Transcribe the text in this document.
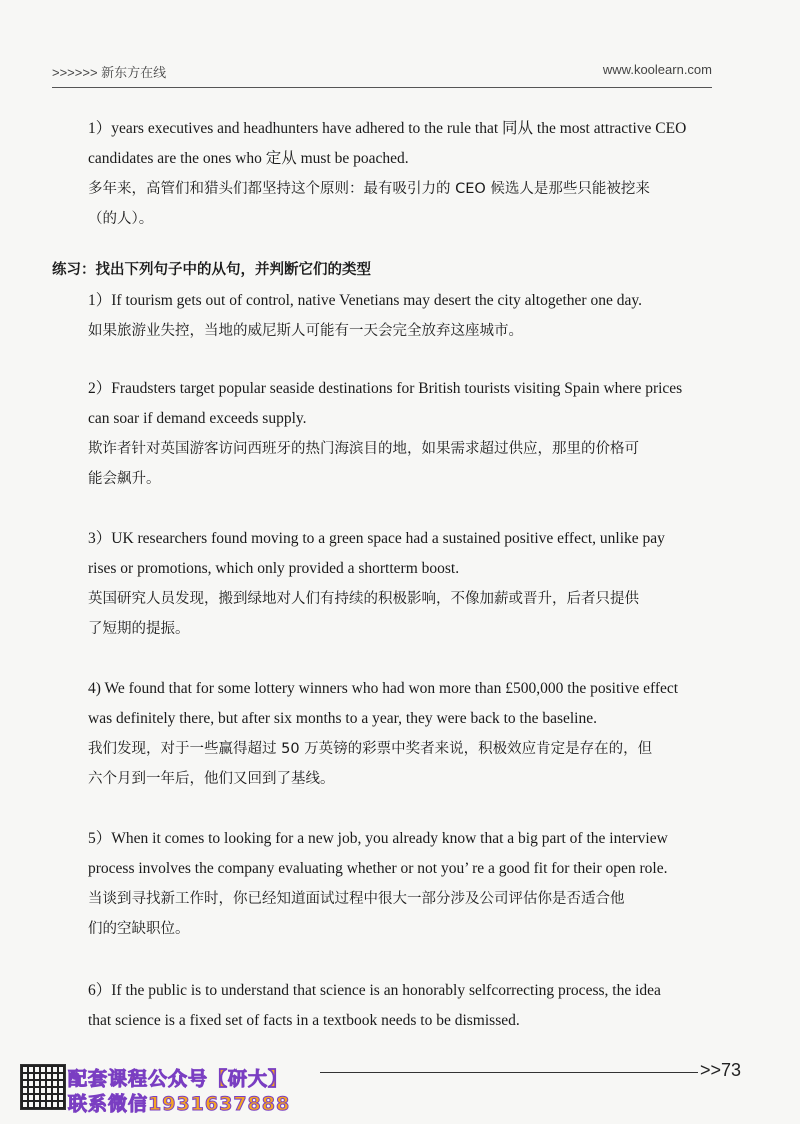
>>>>>> 新东方在线	www.koolearn.com

1）years executives and headhunters have adhered to the rule that 同从 the most attractive CEO

candidates are the ones who 定从 must be poached.

多年来，高管们和猎头们都坚持这个原则：最有吸引力的 CEO 候选人是那些只能被挖来

（的人）。

练习：找出下列句子中的从句，并判断它们的类型

1）If tourism gets out of control, native Venetians may desert the city altogether one day.

如果旅游业失控，当地的威尼斯人可能有一天会完全放弃这座城市。

2）Fraudsters target popular seaside destinations for British tourists visiting Spain where prices

can soar if demand exceeds supply.

欺诈者针对英国游客访问西班牙的热门海滨目的地，如果需求超过供应，那里的价格可

能会飙升。

3）UK researchers found moving to a green space had a sustained positive effect, unlike pay

rises or promotions, which only provided a shortterm boost.

英国研究人员发现，搬到绿地对人们有持续的积极影响，不像加薪或晋升，后者只提供

了短期的提振。

4) We found that for some lottery winners who had won more than £500,000 the positive effect

was definitely there, but after six months to a year, they were back to the baseline.

我们发现，对于一些赢得超过 50 万英镑的彩票中奖者来说，积极效应肯定是存在的，但

六个月到一年后，他们又回到了基线。

5）When it comes to looking for a new job, you already know that a big part of the interview

process involves the company evaluating whether or not you’ re a good fit for their open role.

当谈到寻找新工作时，你已经知道面试过程中很大一部分涉及公司评估你是否适合他

们的空缺职位。

6）If the public is to understand that science is an honorably selfcorrecting process, the idea

that science is a fixed set of facts in a textbook needs to be dismissed.

配套课程公众号【研大】
联系微信1931637888
>>73
